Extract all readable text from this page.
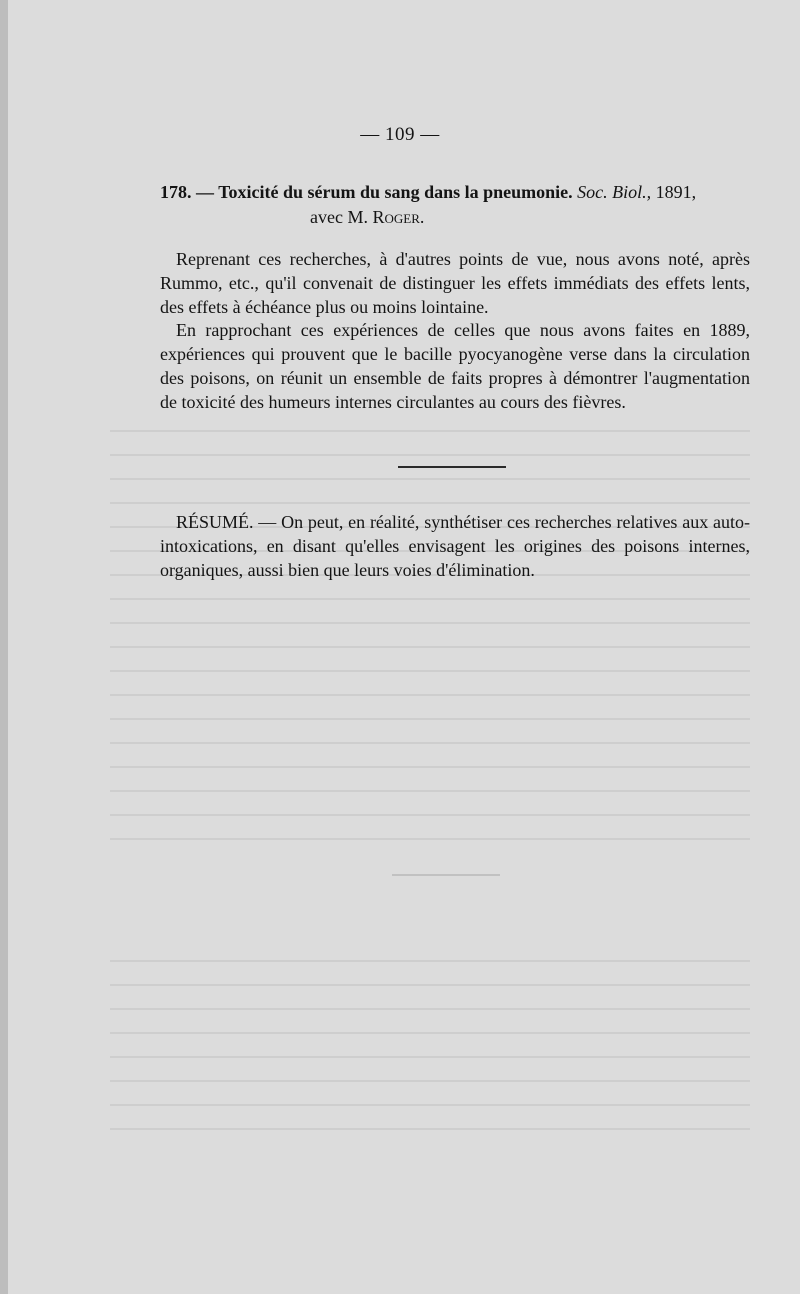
— 109 —
178. — Toxicité du sérum du sang dans la pneumonie. Soc. Biol., 1891,
avec M. Roger.

Reprenant ces recherches, à d'autres points de vue, nous avons noté, après Rummo, etc., qu'il convenait de distinguer les effets immédiats des effets lents, des effets à échéance plus ou moins lointaine.

En rapprochant ces expériences de celles que nous avons faites en 1889, expériences qui prouvent que le bacille pyocyanogène verse dans la circulation des poisons, on réunit un ensemble de faits propres à démontrer l'augmentation de toxicité des humeurs internes circulantes au cours des fièvres.

RÉSUMÉ. — On peut, en réalité, synthétiser ces recherches relatives aux auto-intoxications, en disant qu'elles envisagent les origines des poisons internes, organiques, aussi bien que leurs voies d'élimination.
